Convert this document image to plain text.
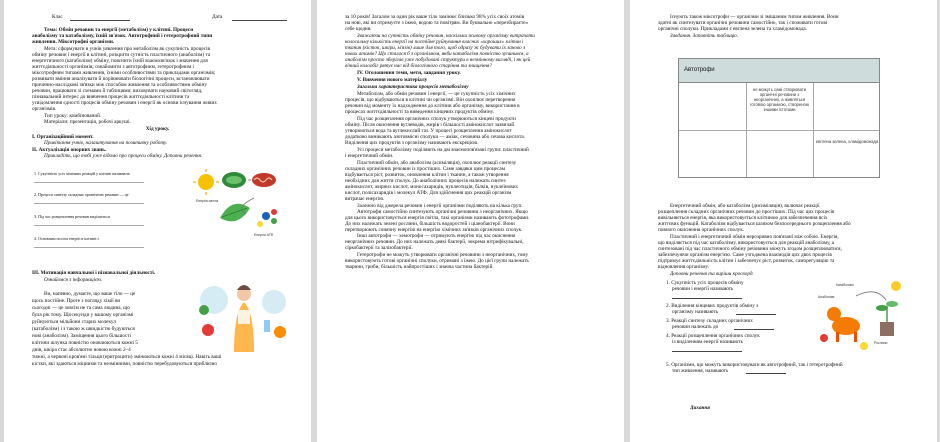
Клас	Дата
Тема: Обмін речовин та енергії (метаболізм) у клітині. Процеси
анаболізму та катаболізму, їхній зв'язок. Автотрофний і гетеротрофний типи
живлення. Міксотрофні організми.
Мета: сформувати в учнів уявлення про метаболізм як сукупність процесів
обміну речовин і енергії в клітині, розкрити сутність пластичного (анаболізм) та
енергетичного (катаболізм) обміну, пояснити їхній взаємозв'язок і значення для
життєдіяльності організмів; ознайомити з автотрофним, гетеротрофним і
міксотрофним типами живлення, їхніми особливостями та прикладами організмів;
розвивати вміння аналізувати й порівнювати біологічні процеси, встановлювати
причинно-наслідкові зв'язки між способом живлення та особливостями обміну
речовин, працювати зі схемами й таблицями; виховувати науковий світогляд,
пізнавальний інтерес до вивчення процесів життєдіяльності клітини та
усвідомлення єдності процесів обміну речовин і енергії як основи існування живих
організмів.
Тип уроку: комбінований.
Матеріали: презентація, робочі аркуші.
Хід уроку.
І. Організаційний момент.
Привітання учнів, налаштування на позитивну роботу.
ІІ. Актуалізація опорних знань.
Прикладіть, що тобі уже відомо про процеси обміну. Доповни речення.
1. Сукупність усіх хімічних реакцій у клітині називають
2. Процеси синтезу складних органічних речовин — це
3. Під час розщеплення речовин виділяється
4. Основним носієм енергії в клітині є
Енергія світла
Енергія АТФ
ІІІ. Мотивація навчальної і пізнавальної діяльності.
Ознайомся з інформацією.
Ви, напевно, думаєте, що ваше тіло — це
щось постійне. Проте з погляду хімії ви
сьогодні — це зовсім не та сама людина, що
була рік тому. Щосекунди у вашому організмі
руйнуються мільйони старих молекул
(катаболізм) і з такою ж швидкістю будуються
нові (анаболізм). Заміщення цього більшості
клітини шлунка повністю оновлюються кожні 5
днів, шкіра стає абсолютно новою кожні 2–4
тижні, а червоні кров'яні тільця (еритроцити) змінюються кожні 4 місяці. Навіть ваші
кістки, які здаються міцними та незмінними, повністю перебудовуються приблизно
за 10 років! Загалом за один рік ваше тіло замінює близько 98% усіх своїх атомів
на нові, які ви отримуєте з їжею, водою та повітрям. Ви буквально «перезбираєте»
себе щодня.
Зважаючи на сутність обміну речовин, наскільки живому організму витрачати
колосальну кількість енергії на постійне руйнування власних «хороших» клітин і
тканин (кісток, шкіри, м'язів) лише для того, щоб одразу ж будувати їх заново з
нових атомів? Що сталося б з організмом, якби катаболізм повністю зупинився, а
анаболізм просто зберігав уже побудовані структури в незмінному вигляді, і як цей
вічний колообіг рятує нас від біологічного старіння та знищення?
IV. Оголошення теми, мети, завдання уроку.
V. Вивчення нового матеріалу
Загальна характеристика процесів метаболізму
Метаболізм, або обмін речовин і енергії, — це сукупність усіх хімічних
процесів, що відбуваються в клітині чи організмі. Він охоплює перетворення
речовин від моменту їх надходження до клітини або організму, використання в
процесах життєдіяльності та виведення кінцевих продуктів обміну.
Під час розщеплення органічних сполук утворюються кінцеві продукти
обміну. Після окиснення вуглеводів, жирів і більшості амінокислот зазвичай
утворюються вода та вуглекислий газ. У процесі розщеплення амінокислот
додатково виникають азотовмісні сполуки — аміак, сечовина або сечова кислота.
Виділення цих продуктів з організму називають екскрецією.
Усі процеси метаболізму поділяють на дві взаємопов'язані групи: пластичний
і енергетичний обмін.
Пластичний обмін, або анаболізм (асиміляція), охоплює реакції синтезу
складних органічних речовин із простіших. Саме завдяки цим процесам
відбувається ріст, розвиток, оновлення клітин і тканин, а також утворення
необхідних для життя сполук. До анаболічних процесів належать синтез
амінокислот, жирних кислот, моносахаридів, нуклеотидів, білків, нуклеїнових
кислот, полісахаридів і молекул АТФ. Для здійснення цих реакцій організм
витрачає енергію.
Залежно від джерела речовин і енергії організми поділяють на кілька груп.
Автотрофи самостійно синтезують органічні речовини з неорганічних. Якщо
для цього використовується енергія світла, такі організми називають фототрофами.
До них належать зелені рослини, більшість водоростей і ціанобактерії. Вони
перетворюють сонячну енергію на енергію хімічних зв'язків органічних сполук.
Інші автотрофи — хемотрофи — отримують енергію під час окиснення
неорганічних речовин. До них належать деякі бактерії, зокрема нітрифікувальні,
сіркобактерії та залізобактерії.
Гетеротрофи не можуть утворювати органічні речовини з неорганічних, тому
використовують готові органічні сполуки, отримані з їжею. До цієї групи належать
тварини, гриби, більшість найпростіших і значна частина бактерій.
Існують також міксотрофи — організми зі змішаним типом живлення. Вони
здатні як синтезувати органічні речовини самостійно, так і споживати готові
органічні сполуки. Прикладами є евглена зелена та хламідомонада.
Завдання. Заповніть таблицю.
Автотрофи
не можуть самі створювати органічні речовини з неорганічних, а живляться готовою органікою, створеною іншими істотами
евглена зелена, хламідомонада
Енергетичний обмін, або катаболізм (дисиміляція), включає реакції
розщеплення складних органічних речовин до простіших. Під час цих процесів
вивільняється енергія, яка використовується клітиною для забезпечення всіх
життєвих функцій. Катаболізм відбувається шляхом безпосереднього розщеплення або
повного окиснення органічних сполук.
Пластичний і енергетичний обмін нерозривно пов'язані між собою. Енергія,
що виділяється під час катаболізму, використовується для реакцій анаболізму, а
синтезовані під час пластичного обміну речовини можуть згодом розщеплюватися,
забезпечуючи організм енергією. Саме узгоджена взаємодія цих двох процесів
підтримує життєдіяльність клітин і забезпечує ріст, розвиток, саморегуляцію та
відновлення організму.
Доповни речення та виріши кросворд.
1. Сукупність усіх процесів обміну
речовин і енергії називають
2. Виділення кінцевих продуктів обміну з
організму називають
3. Реакції синтезу складних органічних
речовин належать до
4. Реакції розщеплення органічних сполук
із виділенням енергії називають
5. Організми, що можуть використовувати як автотрофний, так і гетеротрофний
тип живлення, називають
Катаболізм
Анаболізм
Рослини
Дихання
